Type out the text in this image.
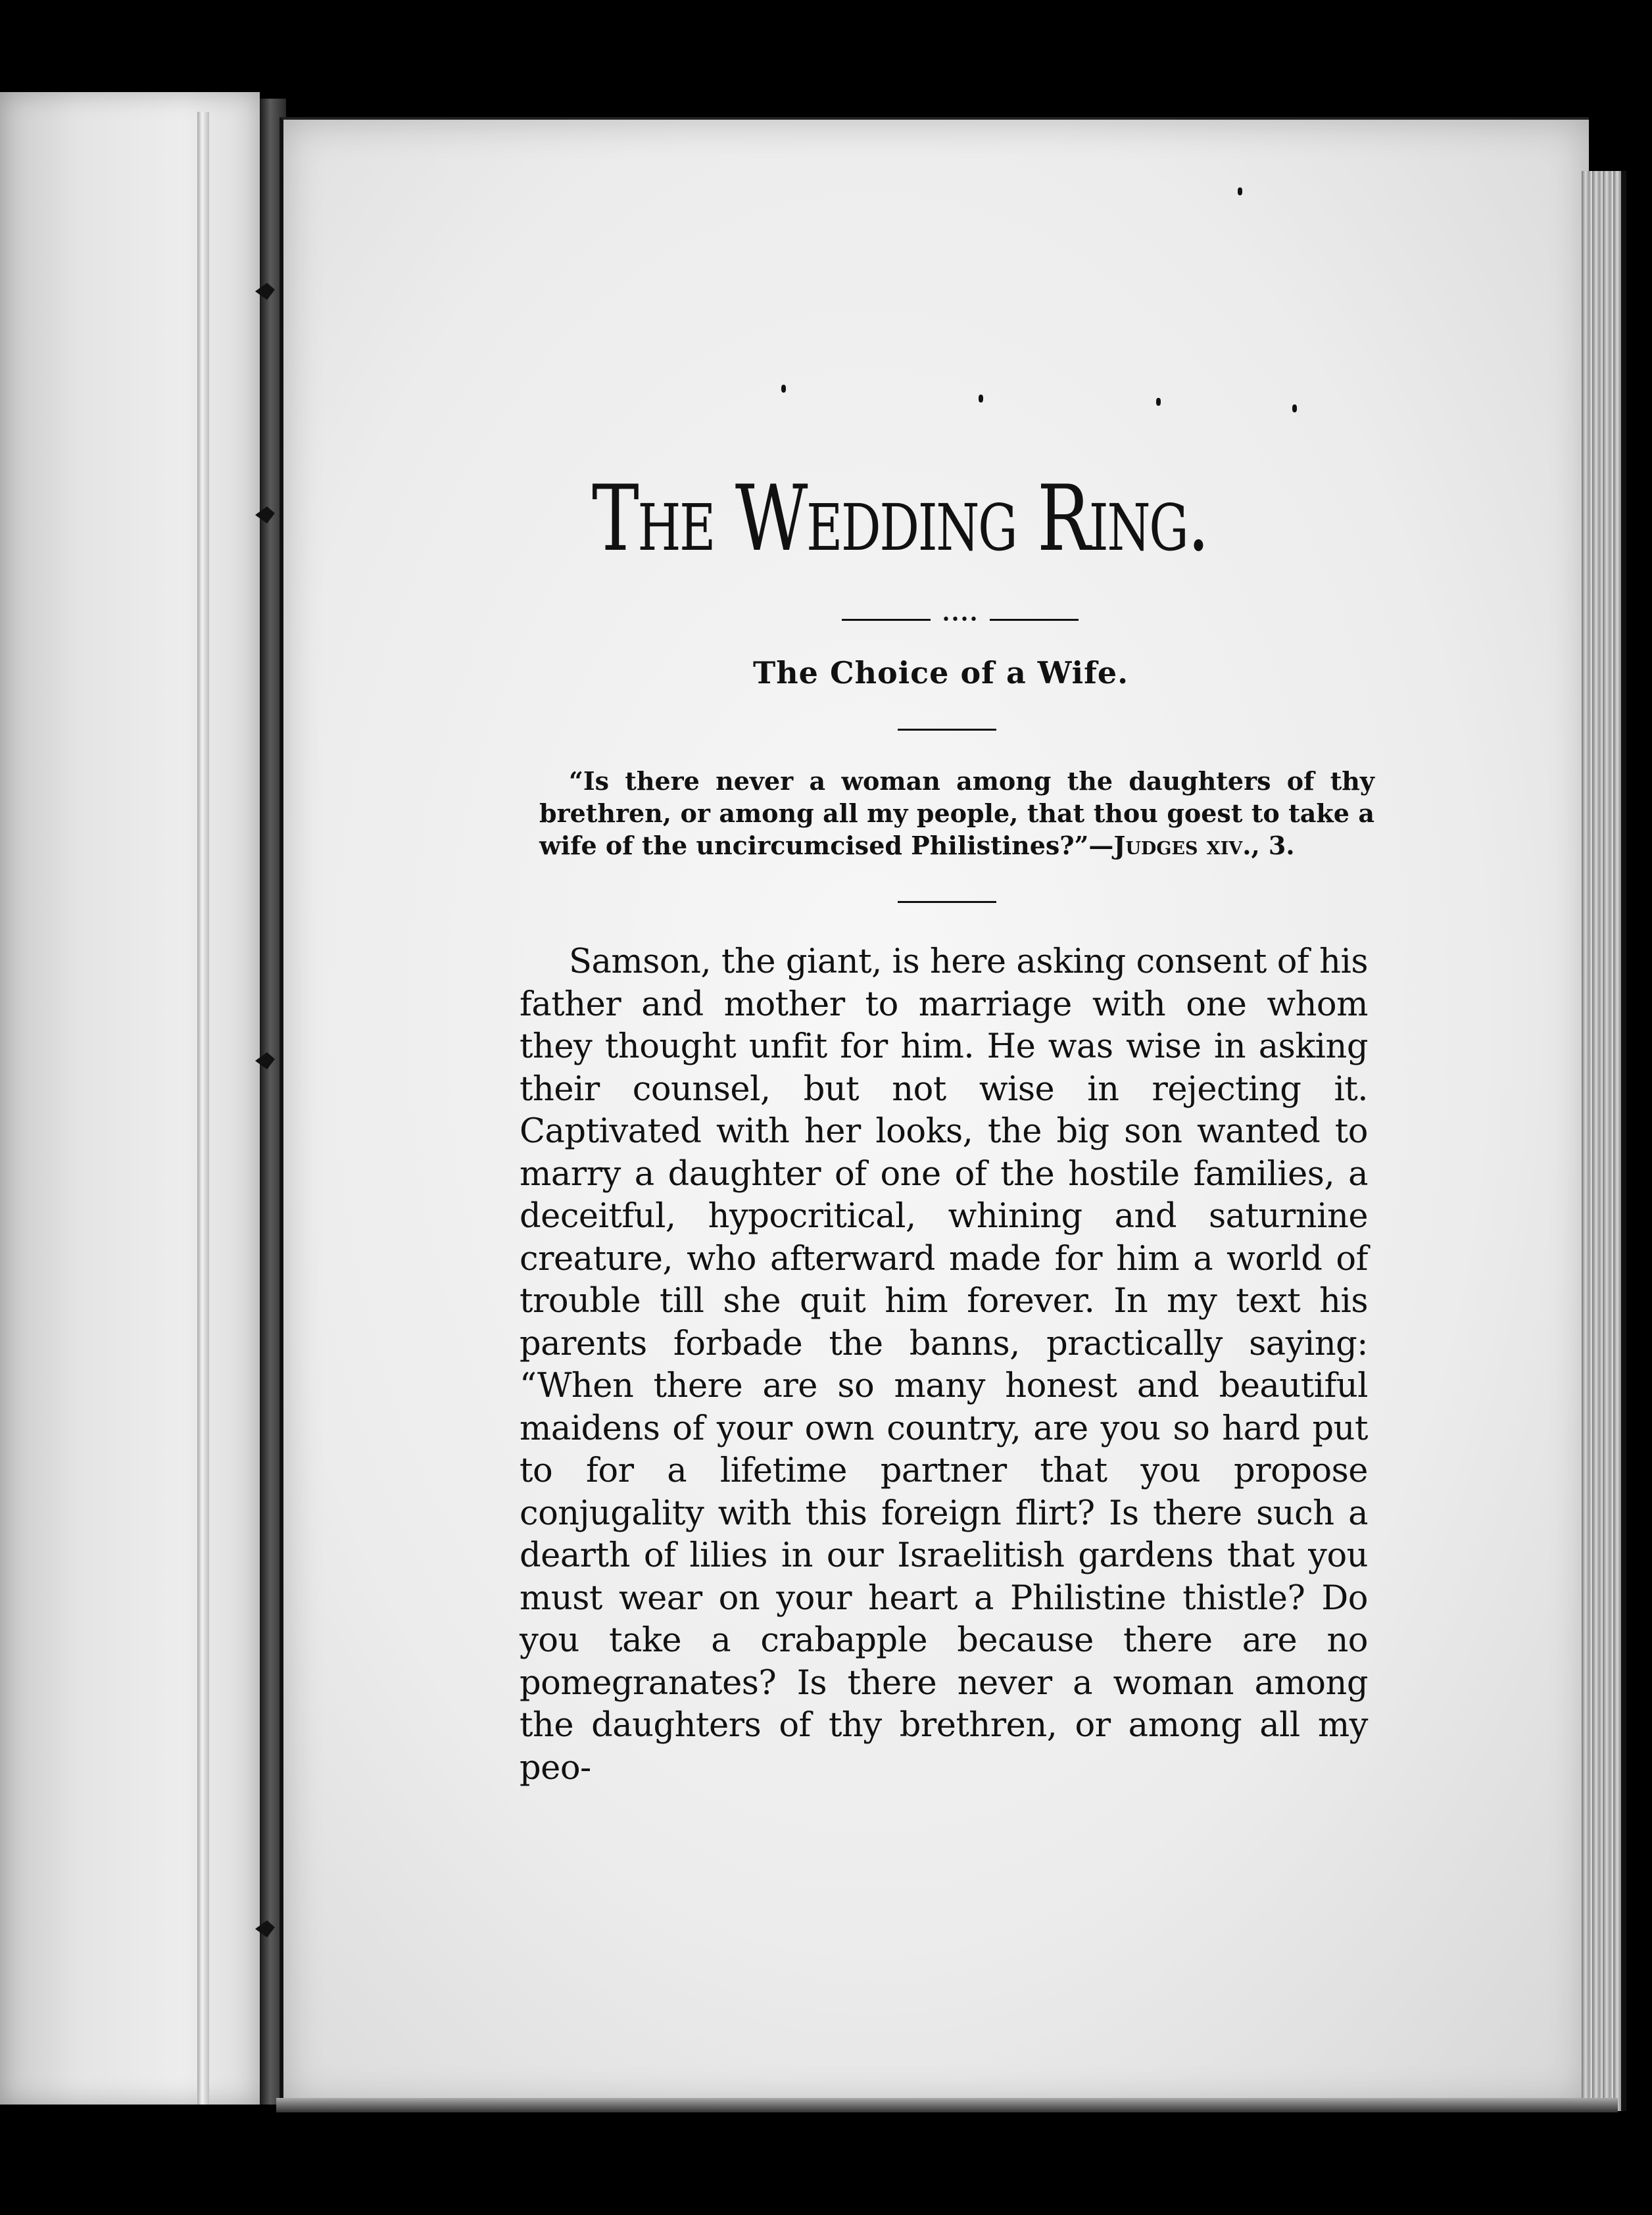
The Wedding Ring.
••••
The Choice of a Wife.

“Is there never a woman among the daughters of thy brethren, or among all my people, that thou goest to take a wife of the uncircumcised Philistines?”—Judges xiv., 3.

Samson, the giant, is here asking consent of his father and mother to marriage with one whom they thought unfit for him. He was wise in asking their counsel, but not wise in rejecting it. Captivated with her looks, the big son wanted to marry a daughter of one of the hostile families, a deceitful, hypocritical, whining and saturnine creature, who afterward made for him a world of trouble till she quit him forever. In my text his parents forbade the banns, practically saying: “When there are so many honest and beautiful maidens of your own country, are you so hard put to for a lifetime partner that you propose conjugality with this foreign flirt? Is there such a dearth of lilies in our Israelitish gardens that you must wear on your heart a Philistine thistle? Do you take a crabapple because there are no pomegranates? Is there never a woman among the daughters of thy brethren, or among all my peo-
